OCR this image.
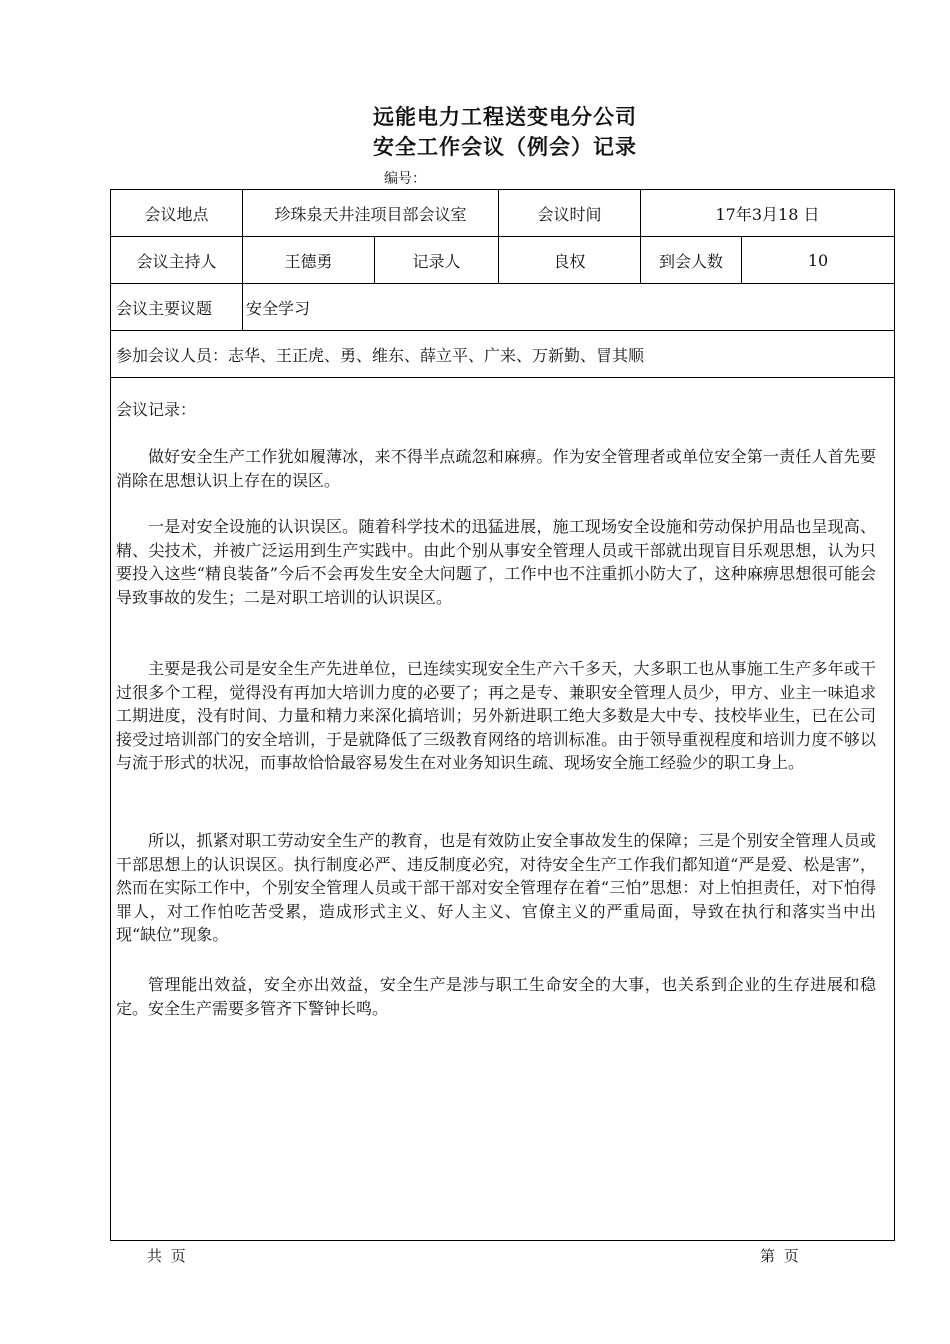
远能电力工程送变电分公司
安全工作会议（例会）记录
编号：
会议地点	珍珠泉天井洼项目部会议室	会议时间	17年3月18 日
会议主持人	王德勇	记录人	良权	到会人数	10
会议主要议题	安全学习
参加会议人员：志华、王正虎、勇、维东、薛立平、广来、万新勤、冒其顺
会议记录：

做好安全生产工作犹如履薄冰，来不得半点疏忽和麻痹。作为安全管理者或单位安全第一责任人首先要消除在思想认识上存在的误区。

一是对安全设施的认识误区。随着科学技术的迅猛进展，施工现场安全设施和劳动保护用品也呈现高、精、尖技术，并被广泛运用到生产实践中。由此个别从事安全管理人员或干部就出现盲目乐观思想，认为只要投入这些“精良装备”今后不会再发生安全大问题了，工作中也不注重抓小防大了，这种麻痹思想很可能会导致事故的发生；二是对职工培训的认识误区。

主要是我公司是安全生产先进单位，已连续实现安全生产六千多天，大多职工也从事施工生产多年或干过很多个工程，觉得没有再加大培训力度的必要了；再之是专、兼职安全管理人员少，甲方、业主一味追求工期进度，没有时间、力量和精力来深化搞培训；另外新进职工绝大多数是大中专、技校毕业生，已在公司接受过培训部门的安全培训，于是就降低了三级教育网络的培训标准。由于领导重视程度和培训力度不够以与流于形式的状况，而事故恰恰最容易发生在对业务知识生疏、现场安全施工经验少的职工身上。

所以，抓紧对职工劳动安全生产的教育，也是有效防止安全事故发生的保障；三是个别安全管理人员或干部思想上的认识误区。执行制度必严、违反制度必究，对待安全生产工作我们都知道“严是爱、松是害”，然而在实际工作中，个别安全管理人员或干部干部对安全管理存在着“三怕”思想：对上怕担责任，对下怕得罪人，对工作怕吃苦受累，造成形式主义、好人主义、官僚主义的严重局面，导致在执行和落实当中出现“缺位”现象。

管理能出效益，安全亦出效益，安全生产是涉与职工生命安全的大事，也关系到企业的生存进展和稳定。安全生产需要多管齐下警钟长鸣。

共 页	第 页
